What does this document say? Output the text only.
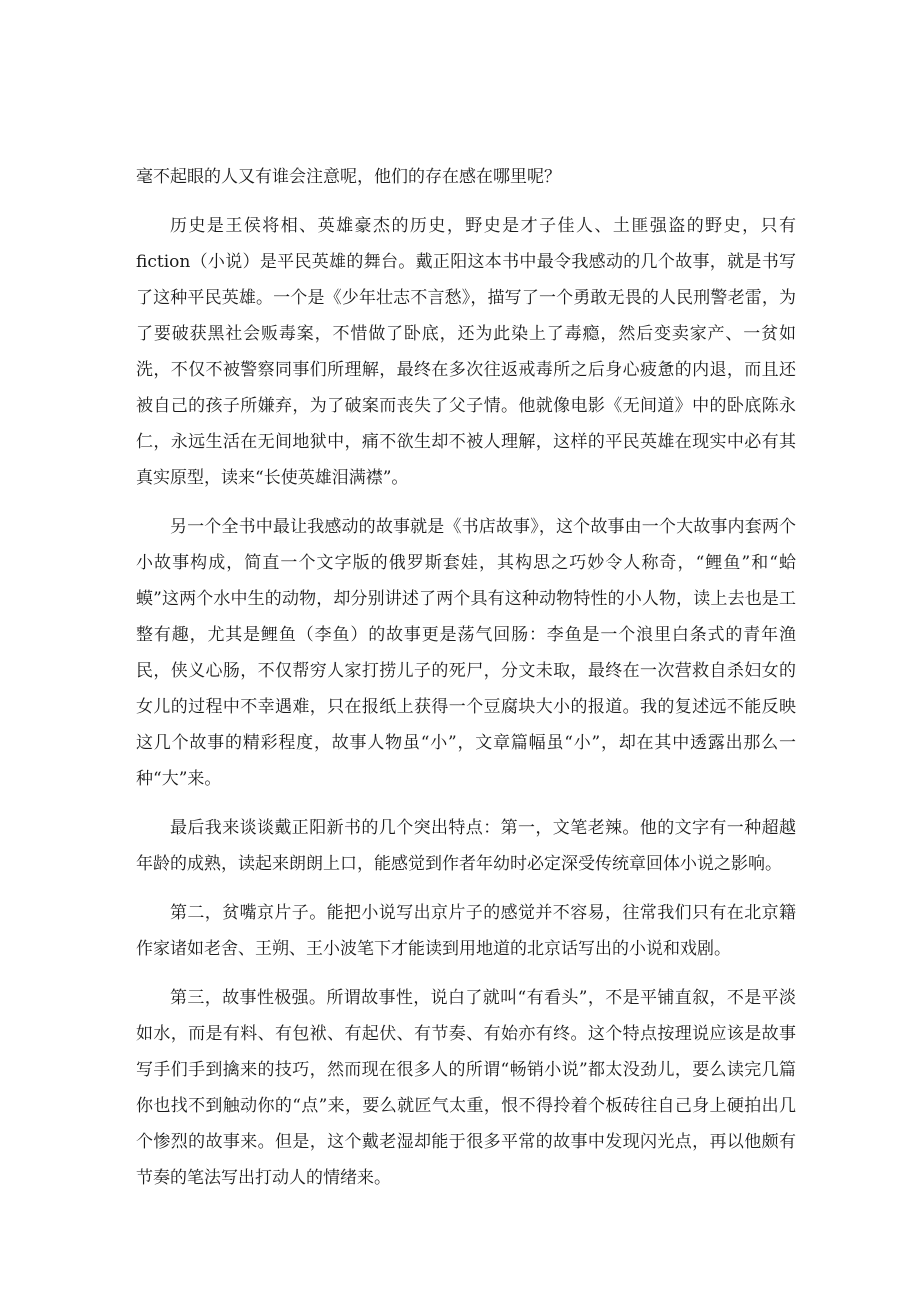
毫不起眼的人又有谁会注意呢，他们的存在感在哪里呢？

历史是王侯将相、英雄豪杰的历史，野史是才子佳人、土匪强盗的野史，只有 fiction（小说）是平民英雄的舞台。戴正阳这本书中最令我感动的几个故事，就是书写了这种平民英雄。一个是《少年壮志不言愁》，描写了一个勇敢无畏的人民刑警老雷，为了要破获黑社会贩毒案，不惜做了卧底，还为此染上了毒瘾，然后变卖家产、一贫如洗，不仅不被警察同事们所理解，最终在多次往返戒毒所之后身心疲惫的内退，而且还被自己的孩子所嫌弃，为了破案而丧失了父子情。他就像电影《无间道》中的卧底陈永仁，永远生活在无间地狱中，痛不欲生却不被人理解，这样的平民英雄在现实中必有其真实原型，读来“长使英雄泪满襟”。

另一个全书中最让我感动的故事就是《书店故事》，这个故事由一个大故事内套两个小故事构成，简直一个文字版的俄罗斯套娃，其构思之巧妙令人称奇，“鲤鱼”和“蛤蟆”这两个水中生的动物，却分别讲述了两个具有这种动物特性的小人物，读上去也是工整有趣，尤其是鲤鱼（李鱼）的故事更是荡气回肠：李鱼是一个浪里白条式的青年渔民，侠义心肠，不仅帮穷人家打捞儿子的死尸，分文未取，最终在一次营救自杀妇女的女儿的过程中不幸遇难，只在报纸上获得一个豆腐块大小的报道。我的复述远不能反映这几个故事的精彩程度，故事人物虽“小”，文章篇幅虽“小”，却在其中透露出那么一种“大”来。

最后我来谈谈戴正阳新书的几个突出特点：第一，文笔老辣。他的文字有一种超越年龄的成熟，读起来朗朗上口，能感觉到作者年幼时必定深受传统章回体小说之影响。

第二，贫嘴京片子。能把小说写出京片子的感觉并不容易，往常我们只有在北京籍作家诸如老舍、王朔、王小波笔下才能读到用地道的北京话写出的小说和戏剧。

第三，故事性极强。所谓故事性，说白了就叫“有看头”，不是平铺直叙，不是平淡如水，而是有料、有包袱、有起伏、有节奏、有始亦有终。这个特点按理说应该是故事写手们手到擒来的技巧，然而现在很多人的所谓“畅销小说”都太没劲儿，要么读完几篇你也找不到触动你的“点”来，要么就匠气太重，恨不得拎着个板砖往自己身上硬拍出几个惨烈的故事来。但是，这个戴老湿却能于很多平常的故事中发现闪光点，再以他颇有节奏的笔法写出打动人的情绪来。
